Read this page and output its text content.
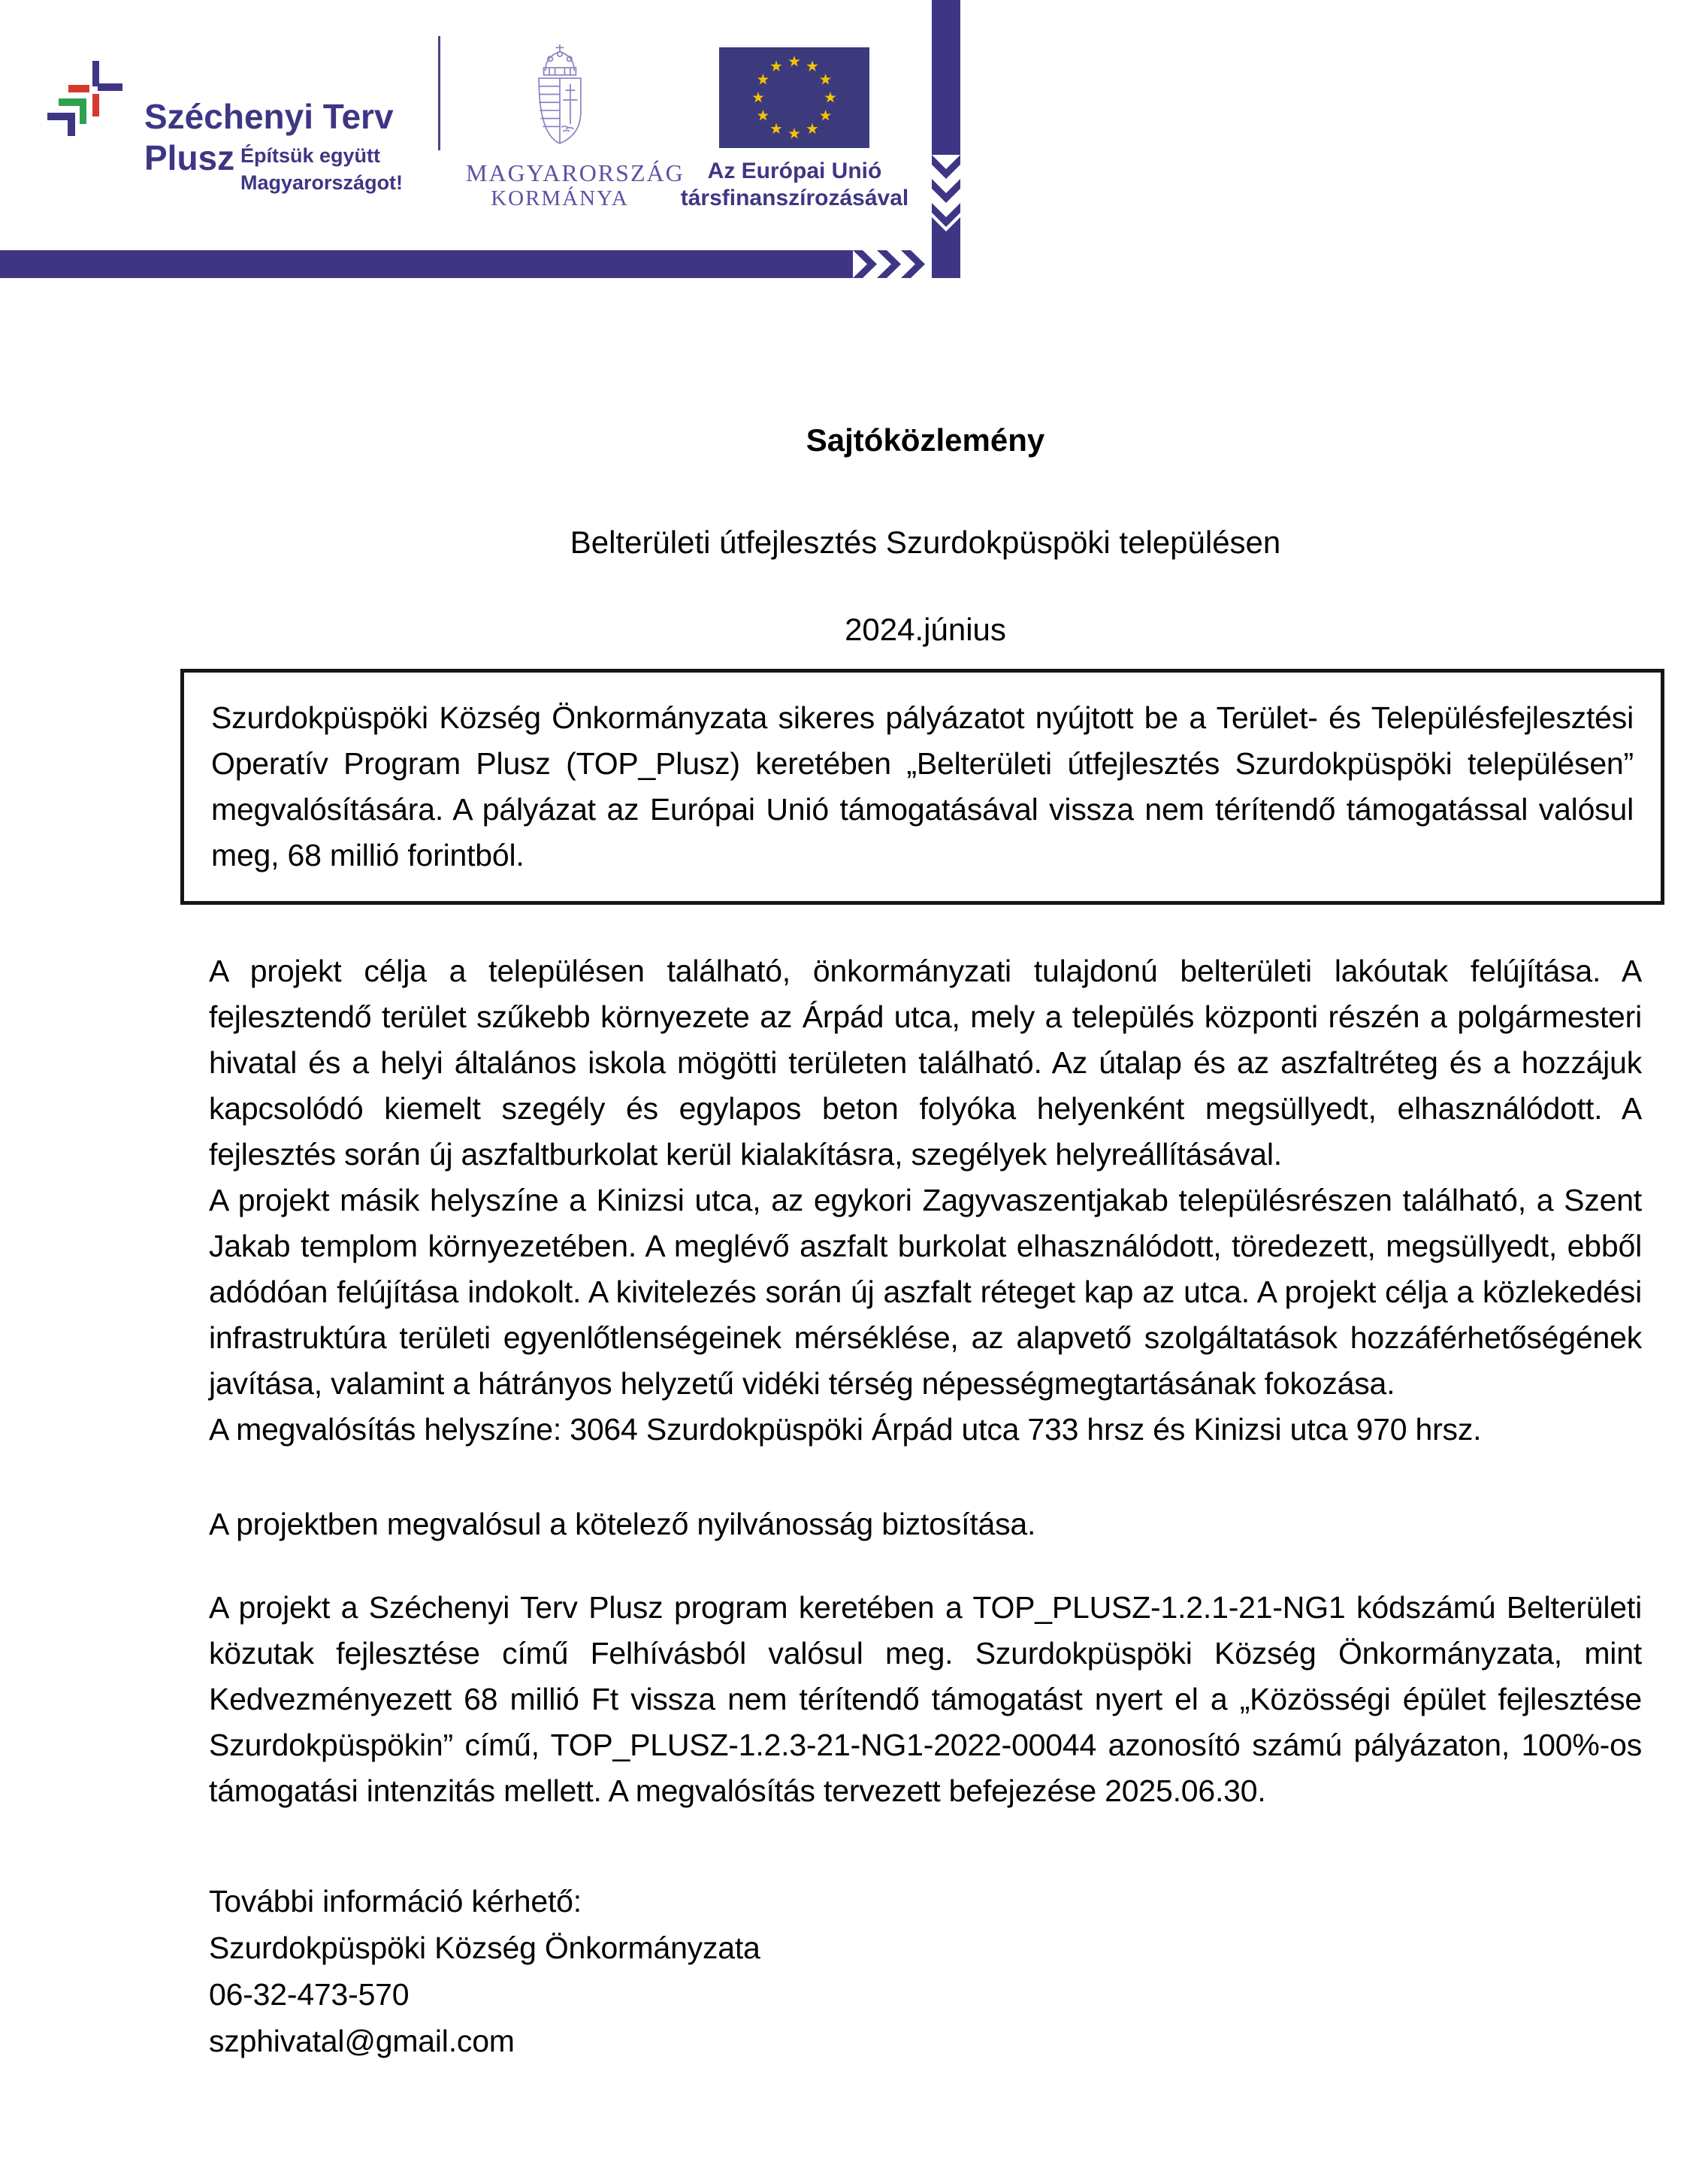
Széchenyi Terv
Plusz Építsük együtt
Magyarországot!	MAGYARORSZÁG
KORMÁNYA
Az Európai Unió
társfinanszírozásával

Sajtóközlemény

Belterületi útfejlesztés Szurdokpüspöki településen

2024.június

Szurdokpüspöki Község Önkormányzata sikeres pályázatot nyújtott be a Terület- és Településfejlesztési Operatív Program Plusz (TOP_Plusz) keretében „Belterületi útfejlesztés Szurdokpüspöki településen” megvalósítására. A pályázat az Európai Unió támogatásával vissza nem térítendő támogatással valósul meg, 68 millió forintból.

A projekt célja a településen található, önkormányzati tulajdonú belterületi lakóutak felújítása. A fejlesztendő terület szűkebb környezete az Árpád utca, mely a település központi részén a polgármesteri hivatal és a helyi általános iskola mögötti területen található. Az útalap és az aszfaltréteg és a hozzájuk kapcsolódó kiemelt szegély és egylapos beton folyóka helyenként megsüllyedt, elhasználódott. A fejlesztés során új aszfaltburkolat kerül kialakításra, szegélyek helyreállításával.

A projekt másik helyszíne a Kinizsi utca, az egykori Zagyvaszentjakab településrészen található, a Szent Jakab templom környezetében. A meglévő aszfalt burkolat elhasználódott, töredezett, megsüllyedt, ebből adódóan felújítása indokolt. A kivitelezés során új aszfalt réteget kap az utca. A projekt célja a közlekedési infrastruktúra területi egyenlőtlenségeinek mérséklése, az alapvető szolgáltatások hozzáférhetőségének javítása, valamint a hátrányos helyzetű vidéki térség népességmegtartásának fokozása.

A megvalósítás helyszíne: 3064 Szurdokpüspöki Árpád utca 733 hrsz és Kinizsi utca 970 hrsz.

A projektben megvalósul a kötelező nyilvánosság biztosítása.

A projekt a Széchenyi Terv Plusz program keretében a TOP_PLUSZ-1.2.1-21-NG1 kódszámú Belterületi közutak fejlesztése című Felhívásból valósul meg. Szurdokpüspöki Község Önkormányzata, mint Kedvezményezett 68 millió Ft vissza nem térítendő támogatást nyert el a „Közösségi épület fejlesztése Szurdokpüspökin” című, TOP_PLUSZ-1.2.3-21-NG1-2022-00044 azonosító számú pályázaton, 100%-os támogatási intenzitás mellett. A megvalósítás tervezett befejezése 2025.06.30.

További információ kérhető:
Szurdokpüspöki Község Önkormányzata
06-32-473-570
szphivatal@gmail.com
